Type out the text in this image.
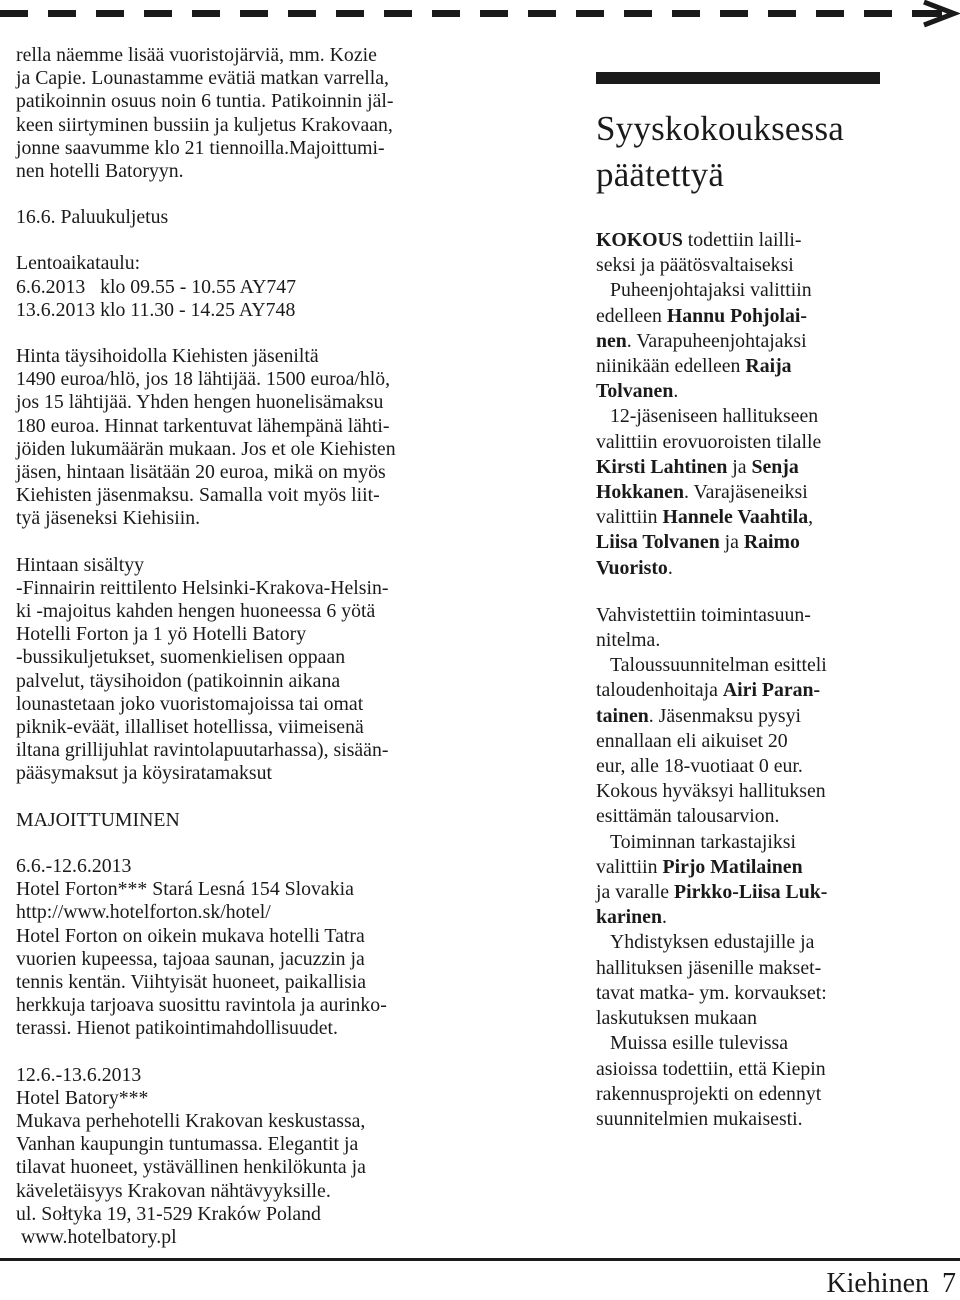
rella näemme lisää vuoristojärviä, mm. Kozie

ja Capie. Lounastamme evätiä matkan varrella,

patikoinnin osuus noin 6 tuntia. Patikoinnin jäl-

keen siirtyminen bussiin ja kuljetus Krakovaan,

jonne saavumme klo 21 tiennoilla.Majoittumi-

nen hotelli Batoryyn.

16.6. Paluukuljetus

Lentoaikataulu:

6.6.2013   klo 09.55 - 10.55 AY747

13.6.2013 klo 11.30 - 14.25 AY748

Hinta täysihoidolla Kiehisten jäseniltä

1490 euroa/hlö, jos 18 lähtijää. 1500 euroa/hlö,

jos 15 lähtijää. Yhden hengen huonelisämaksu

180 euroa. Hinnat tarkentuvat lähempänä lähti-

jöiden lukumäärän mukaan. Jos et ole Kiehisten

jäsen, hintaan lisätään 20 euroa, mikä on myös

Kiehisten jäsenmaksu. Samalla voit myös liit-

tyä jäseneksi Kiehisiin.

Hintaan sisältyy

-Finnairin reittilento Helsinki-Krakova-Helsin-

ki -majoitus kahden hengen huoneessa 6 yötä

Hotelli Forton ja 1 yö Hotelli Batory

-bussikuljetukset, suomenkielisen oppaan

palvelut, täysihoidon (patikoinnin aikana

lounastetaan joko vuoristomajoissa tai omat

piknik-eväät, illalliset hotellissa, viimeisenä

iltana grillijuhlat ravintolapuutarhassa), sisään-

pääsymaksut ja köysiratamaksut

MAJOITTUMINEN

6.6.-12.6.2013

Hotel Forton*** Stará Lesná 154 Slovakia

http://www.hotelforton.sk/hotel/

Hotel Forton on oikein mukava hotelli Tatra

vuorien kupeessa, tajoaa saunan, jacuzzin ja

tennis kentän. Viihtyisät huoneet, paikallisia

herkkuja tarjoava suosittu ravintola ja aurinko-

terassi. Hienot patikointimahdollisuudet.

12.6.-13.6.2013

Hotel Batory***

Mukava perhehotelli Krakovan keskustassa,

Vanhan kaupungin tuntumassa. Elegantit ja

tilavat huoneet, ystävällinen henkilökunta ja

käveletäisyys Krakovan nähtävyyksille.

ul. Sołtyka 19, 31-529 Kraków Poland

www.hotelbatory.pl

Syyskokouksessa
päätettyä

KOKOUS todettiin lailli-

seksi ja päätösvaltaiseksi

Puheenjohtajaksi valittiin

edelleen Hannu Pohjolai-

nen. Varapuheenjohtajaksi

niinikään edelleen Raija

Tolvanen.

12-jäseniseen hallitukseen

valittiin erovuoroisten tilalle

Kirsti Lahtinen ja Senja

Hokkanen. Varajäseneiksi

valittiin Hannele Vaahtila,

Liisa Tolvanen ja Raimo

Vuoristo.

Vahvistettiin toimintasuun-

nitelma.

Taloussuunnitelman esitteli

taloudenhoitaja Airi Paran-

tainen. Jäsenmaksu pysyi

ennallaan eli aikuiset 20

eur, alle 18-vuotiaat 0 eur.

Kokous hyväksyi hallituksen

esittämän talousarvion.

Toiminnan tarkastajiksi

valittiin Pirjo Matilainen

ja varalle Pirkko-Liisa Luk-

karinen.

Yhdistyksen edustajille ja

hallituksen jäsenille makset-

tavat matka- ym. korvaukset:

laskutuksen mukaan

Muissa esille tulevissa

asioissa todettiin, että Kiepin

rakennusprojekti on edennyt

suunnitelmien mukaisesti.

Kiehinen 7
